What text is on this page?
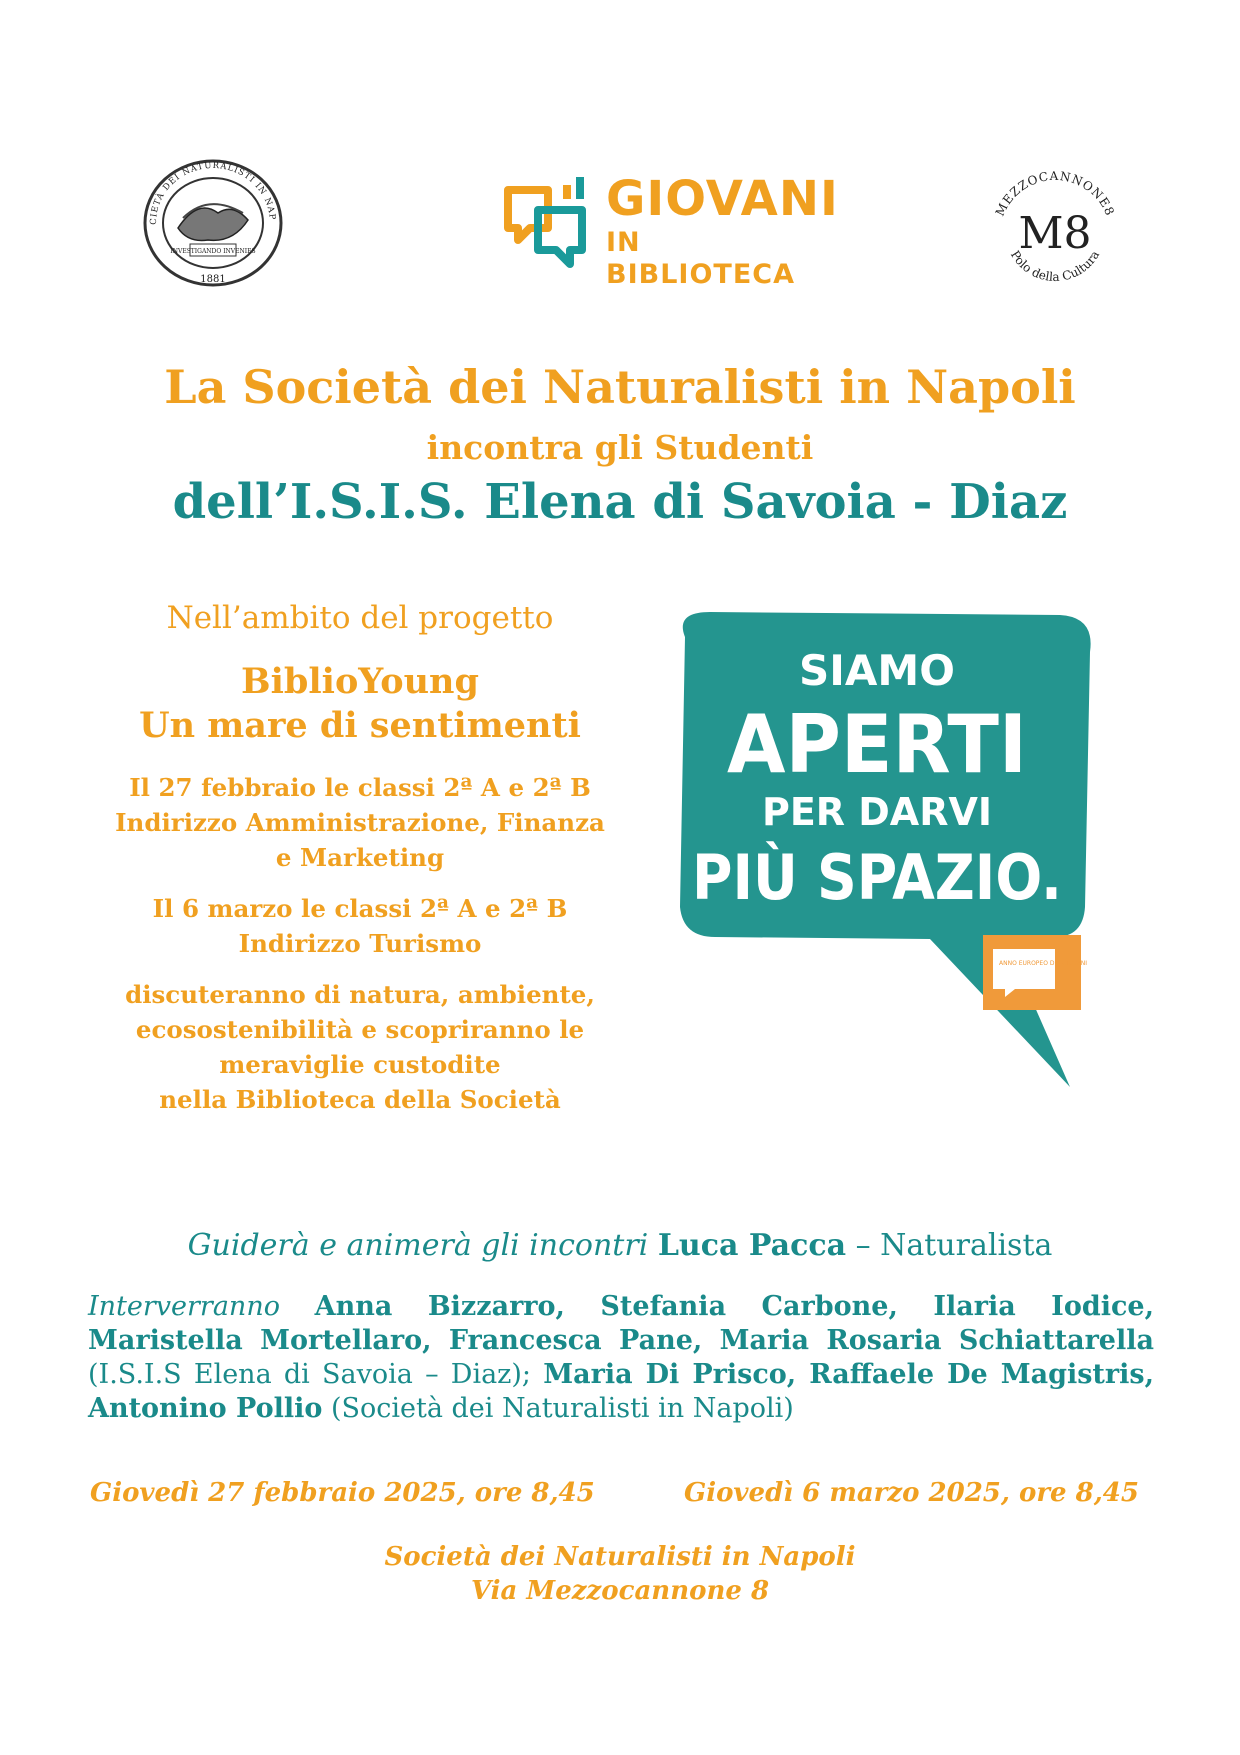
INVESTIGANDO INVENIES
1881
CIETÀ DEI NATURALISTI IN NAP	GIOVANI
IN BIBLIOTECA
MEZZOCANNONE8
Polo della Cultura
M8
La Società dei Naturalisti in Napoli
incontra gli Studenti
dell’I.S.I.S. Elena di Savoia - Diaz

Nell’ambito del progetto

BiblioYoung
Un mare di sentimenti

Il 27 febbraio le classi 2ª A e 2ª B
Indirizzo Amministrazione, Finanza
e Marketing

Il 6 marzo le classi 2ª A e 2ª B
Indirizzo Turismo

discuteranno di natura, ambiente,
ecosostenibilità e scopriranno le
meraviglie custodite
nella Biblioteca della Società

SIAMO
APERTI
PER DARVI
PIÙ SPAZIO.
ANNO EUROPEO DEI GIOVANI
Guiderà e animerà gli incontri Luca Pacca – Naturalista
Interverranno Anna Bizzarro, Stefania Carbone, Ilaria Iodice, Maristella Mortellaro, Francesca Pane, Maria Rosaria Schiattarella (I.S.I.S Elena di Savoia – Diaz); Maria Di Prisco, Raffaele De Magistris, Antonino Pollio (Società dei Naturalisti in Napoli)
Giovedì 27 febbraio 2025, ore 8,45	Giovedì 6 marzo 2025, ore 8,45
Società dei Naturalisti in Napoli
Via Mezzocannone 8
